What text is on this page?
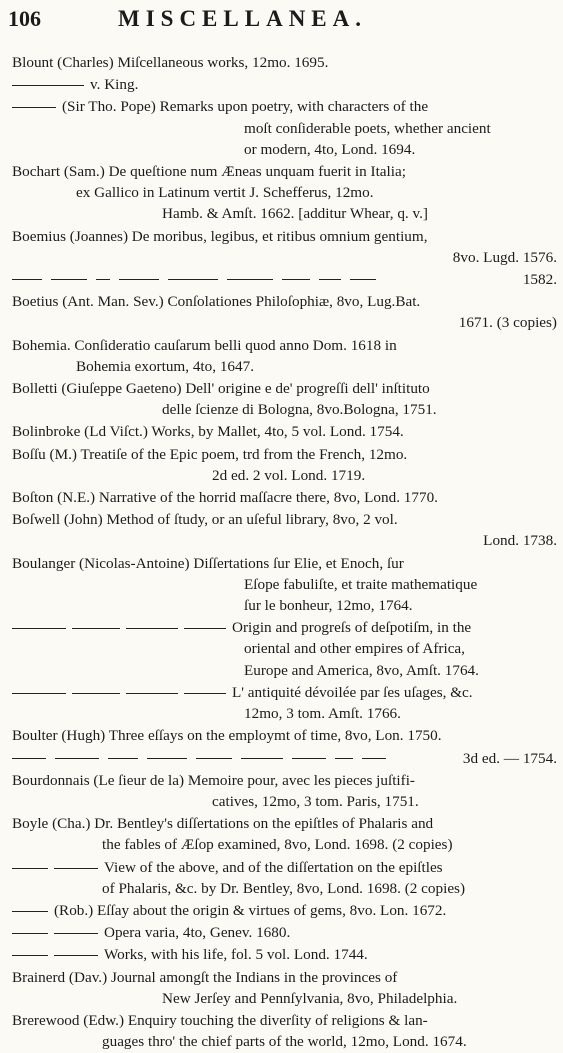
106	MISCELLANEA.
Blount (Charles) Miſcellaneous works, 12mo. 1695.
v. King.
(Sir Tho. Pope) Remarks upon poetry, with characters of the
moſt conſiderable poets, whether ancient
or modern, 4to, Lond. 1694.
Bochart (Sam.) De queſtione num Æneas unquam fuerit in Italia;
ex Gallico in Latinum vertit J. Schefferus, 12mo.
Hamb. & Amſt. 1662. [additur Whear, q. v.]
Boemius (Joannes) De moribus, legibus, et ritibus omnium gentium,
8vo. Lugd. 1576.
1582.
Boetius (Ant. Man. Sev.) Conſolationes Philoſophiæ, 8vo, Lug.Bat.
1671. (3 copies)
Bohemia. Conſideratio cauſarum belli quod anno Dom. 1618 in
Bohemia exortum, 4to, 1647.
Bolletti (Giuſeppe Gaeteno) Dell' origine e de' progreſſi dell' inſtituto
delle ſcienze di Bologna, 8vo.Bologna, 1751.
Bolinbroke (Ld Viſct.) Works, by Mallet, 4to, 5 vol. Lond. 1754.
Boſſu (M.) Treatiſe of the Epic poem, trd from the French, 12mo.
2d ed. 2 vol. Lond. 1719.
Boſton (N.E.) Narrative of the horrid maſſacre there, 8vo, Lond. 1770.
Boſwell (John) Method of ſtudy, or an uſeful library, 8vo, 2 vol.
Lond. 1738.
Boulanger (Nicolas-Antoine) Diſſertations ſur Elie, et Enoch, ſur
Eſope fabuliſte, et traite mathematique
ſur le bonheur, 12mo, 1764.
Origin and progreſs of deſpotiſm, in the
oriental and other empires of Africa,
Europe and America, 8vo, Amſt. 1764.
L' antiquité dévoilée par ſes uſages, &c.
12mo, 3 tom. Amſt. 1766.
Boulter (Hugh) Three eſſays on the employmt of time, 8vo, Lon. 1750.
3d ed. — 1754.
Bourdonnais (Le ſieur de la) Memoire pour, avec les pieces juſtifi-
catives, 12mo, 3 tom. Paris, 1751.
Boyle (Cha.) Dr. Bentley's diſſertations on the epiſtles of Phalaris and
the fables of Æſop examined, 8vo, Lond. 1698. (2 copies)
View of the above, and of the diſſertation on the epiſtles
of Phalaris, &c. by Dr. Bentley, 8vo, Lond. 1698. (2 copies)
(Rob.) Eſſay about the origin & virtues of gems, 8vo. Lon. 1672.
Opera varia, 4to, Genev. 1680.
Works, with his life, fol. 5 vol. Lond. 1744.
Brainerd (Dav.) Journal amongſt the Indians in the provinces of
New Jerſey and Pennſylvania, 8vo, Philadelphia.
Brerewood (Edw.) Enquiry touching the diverſity of religions & lan-
guages thro' the chief parts of the world, 12mo, Lond. 1674.
